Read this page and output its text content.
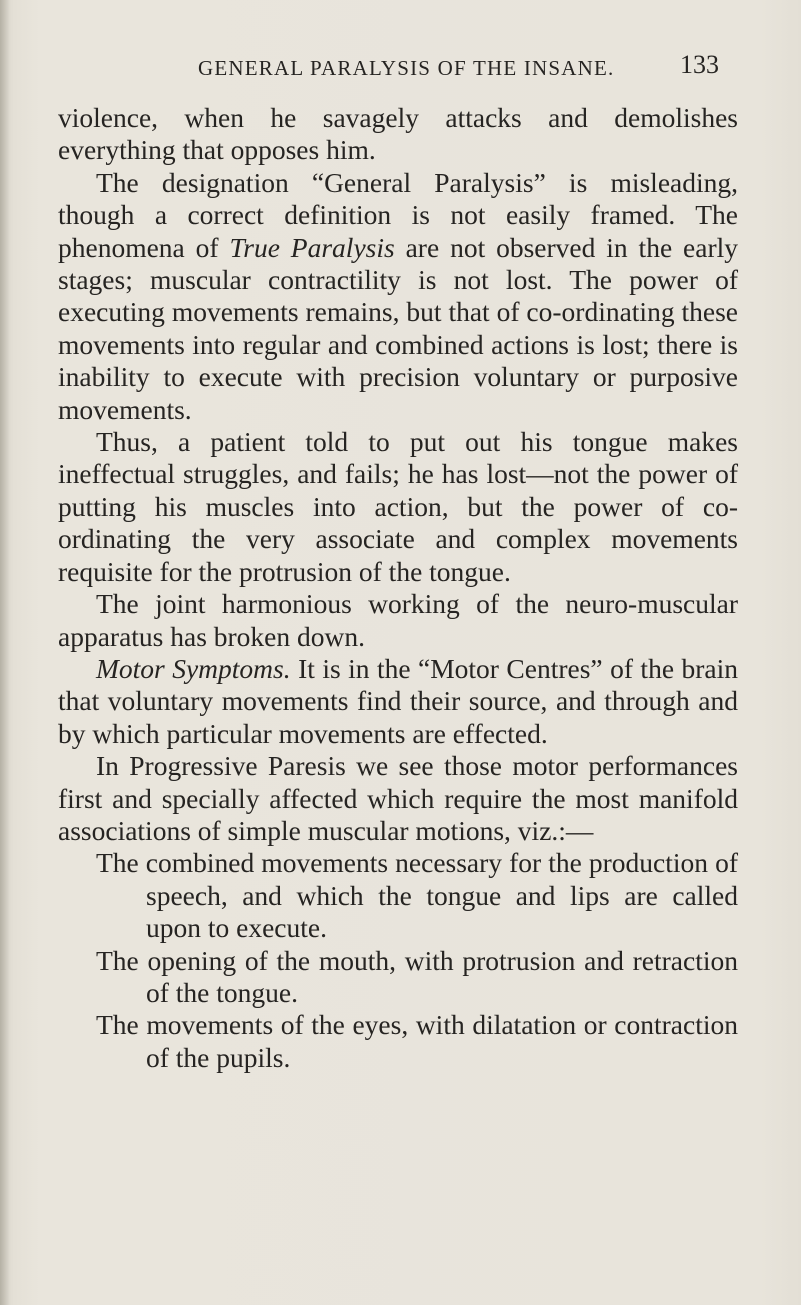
GENERAL PARALYSIS OF THE INSANE.	133

violence, when he savagely attacks and demolishes everything that opposes him.

The designation “General Paralysis” is misleading, though a correct definition is not easily framed. The phenomena of True Paralysis are not observed in the early stages; muscular contractility is not lost. The power of executing movements remains, but that of co-ordinating these movements into regular and combined actions is lost; there is inability to execute with precision voluntary or purposive movements.

Thus, a patient told to put out his tongue makes ineffectual struggles, and fails; he has lost—not the power of putting his muscles into action, but the power of co-ordinating the very associate and complex movements requisite for the protrusion of the tongue.

The joint harmonious working of the neuro-muscular apparatus has broken down.

Motor Symptoms. It is in the “Motor Centres” of the brain that voluntary movements find their source, and through and by which particular movements are effected.

In Progressive Paresis we see those motor performances first and specially affected which require the most manifold associations of simple muscular motions, viz.:—

The combined movements necessary for the production of speech, and which the tongue and lips are called upon to execute.

The opening of the mouth, with protrusion and retraction of the tongue.

The movements of the eyes, with dilatation or contraction of the pupils.
